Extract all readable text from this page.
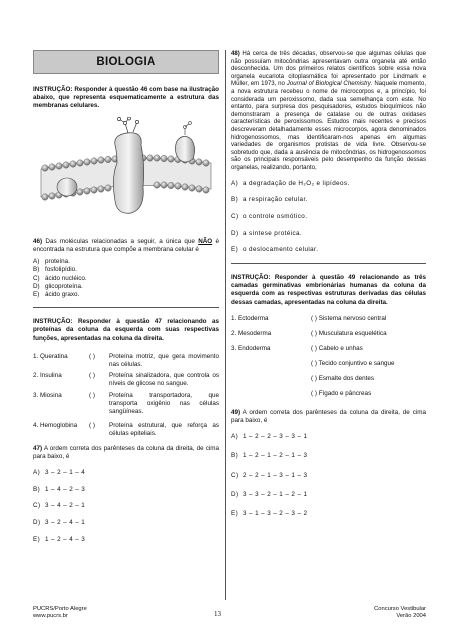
BIOLOGIA
INSTRUÇÃO: Responder à questão 46 com base na ilustração abaixo, que representa esquematicamente a estrutura das membranas celulares.
46) Das moléculas relacionadas a seguir, a única que NÃO é encontrada na estrutura que compõe a membrana celular é
A) proteína.
B) fosfolipídio.
C) ácido nucléico.
D) glicoproteína.
E) ácido graxo.
INSTRUÇÃO: Responder à questão 47 relacionando as proteínas da coluna da esquerda com suas respectivas funções, apresentadas na coluna da direita.
1. Queratina	( )	Proteína motriz, que gera movimento nas células.
2. Insulina	( )	Proteína sinalizadora, que controla os níveis de glicose no sangue.
3. Miosina	( )	Proteína transportadora, que transporta oxigênio nas células sangüíneas.
4. Hemoglobina	( )	Proteína estrutural, que reforça as células epiteliais.
47) A ordem correta dos parênteses da coluna da direita, de cima para baixo, é
A) 3 – 2 – 1 – 4
B) 1 – 4 – 2 – 3
C) 3 – 4 – 2 – 1
D) 3 – 2 – 4 – 1
E) 1 – 2 – 4 – 3
48) Há cerca de três décadas, observou-se que algumas células que não possuíam mitocôndrias apresentavam outra organela até então desconhecida. Um dos primeiros relatos científicos sobre essa nova organela eucariota citoplasmática foi apresentado por Lindmark e Müller, em 1973, no Journal of Biological Chemistry. Naquele momento, a nova estrutura recebeu o nome de microcorpos e, a princípio, foi considerada um peroxissomo, dada sua semelhança com este. No entanto, para surpresa dos pesquisadores, estudos bioquímicos não demonstraram a presença de catalase ou de outras oxidases características de peroxissomos. Estudos mais recentes e precisos descreveram detalhadamente esses microcorpos, agora denominados hidrogenossomos, mas identificaram-nos apenas em algumas variedades de organismos protistas de vida livre. Observou-se sobretudo que, dada a ausência de mitocôndrias, os hidrogenossomos são os principais responsáveis pelo desempenho da função dessas organelas, realizando, portanto,
A) a degradação de H₂O₂ e lipídeos.
B) a respiração celular.
C) o controle osmótico.
D) a síntese protéica.
E) o deslocamento celular.
INSTRUÇÃO: Responder à questão 49 relacionando as três camadas germinativas embrionárias humanas da coluna da esquerda com as respectivas estruturas derivadas das células dessas camadas, apresentadas na coluna da direita.
1. Ectoderma
2. Mesoderma
3. Endoderma
( ) Sistema nervoso central
( ) Musculatura esquelética
( ) Cabelo e unhas
( ) Tecido conjuntivo e sangue
( ) Esmalte dos dentes
( ) Fígado e pâncreas
49) A ordem correta dos parênteses da coluna da direita, de cima para baixo, é
A) 1 – 2 – 2 – 3 – 3 – 1
B) 1 – 2 – 1 – 2 – 1 – 3
C) 2 – 2 – 1 – 3 – 1 – 3
D) 3 – 3 – 2 – 1 – 2 – 1
E) 3 – 1 – 3 – 2 – 3 – 2
PUCRS/Porto Alegre
www.pucrs.br	13
Concurso Vestibular
Verão 2004
